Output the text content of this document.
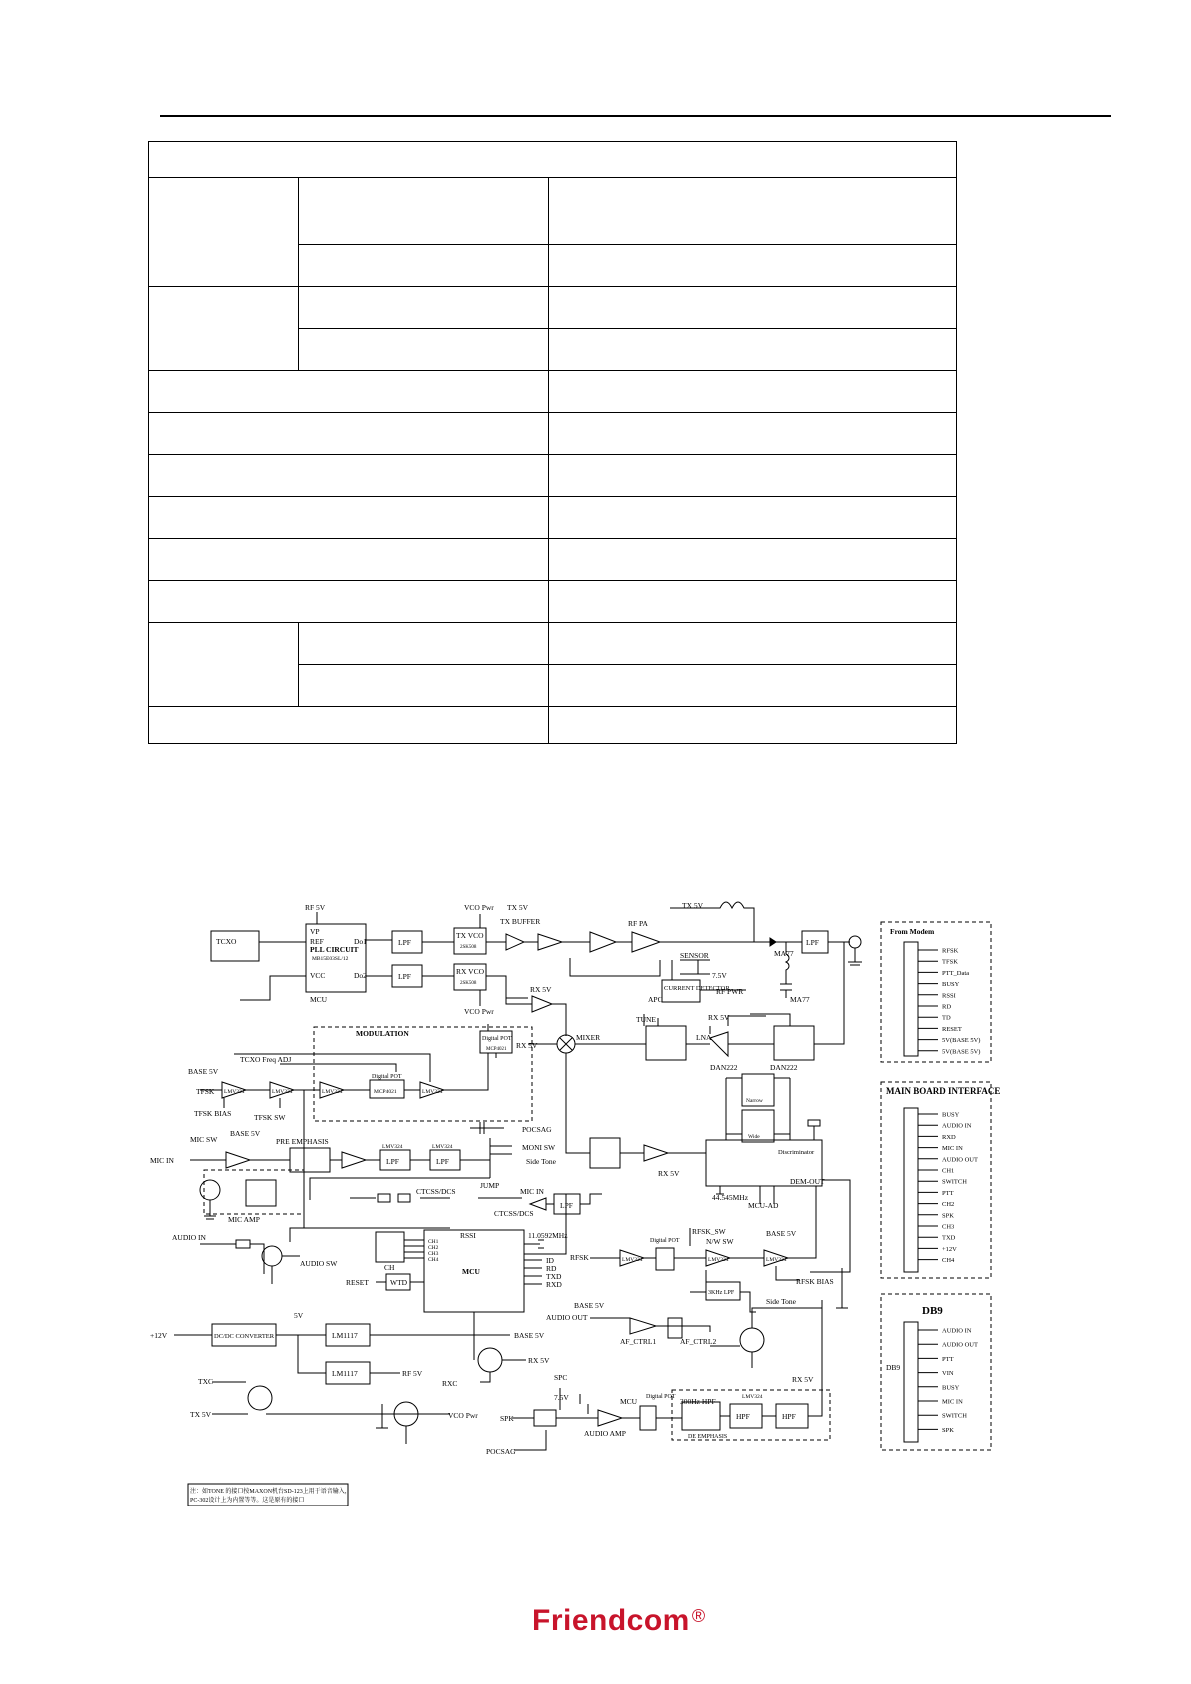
TCXO
PLL CIRCUIT
MB15E03SL/12
RF 5V
VP
REF
VCC
Do1
Do2
MCU
LPF
LPF
VCO Pwr
TX VCO
2SK508
RX VCO
2SK508
VCO Pwr
TX 5V
TX BUFFER	RF PA
TX 5V
MA77
MA77
LPF
SENSOR
CURRENT DETECTOR
APC
RF PWR
7.5V
RX 5V
MIXER
RX 5V
LNA
TUNE	RX 5V
MODULATION
Digital POT
MCP4021
TCXO Freq ADJ
BASE 5V
TFSK
TFSK BIAS	TFSK SW
LMV324	LMV324	LMV324
Digital POT
MCP4021	LMV324
DAN222	DAN222
Narrow
Wide
MIC SW
BASE 5V
MIC IN
PRE EMPHASIS
MIC AMP
LMV324	LMV324
LPF	LPF
POCSAG
MONI SW
Side Tone
Discriminator
DEM-OUT
MCU-AD
44.545MHz
RX 5V
CTCSS/DCS
JUMP
MIC IN
CTCSS/DCS
LPF
AUDIO IN
AUDIO SW	CH
CH1
CH2
CH3
CH4
RSSI
MCU
RESET	WTD
11.0592MHz
ID
RD
TXD
RXD
RFSK	LMV324
Digital POT
RFSK_SW
N/W SW
BASE 5V
LMV324	LMV324
RFSK BIAS
3KHz LPF
BASE 5V
AUDIO OUT
AF_CTRL1	AF_CTRL2
Side Tone
+12V	DC/DC CONVERTER	LM1117
LM1117
5V
BASE 5V
RF 5V
RX 5V
VCO Pwr
TXC	RXC
TX 5V
SPC
SPK
7.5V
AUDIO AMP
MCU Digital POT 300Hz HPF	LMV324
DE EMPHASIS
HPF	HPF
RX 5V
POCSAG
注：如TONE 的接口按MAXON机台SD-123上用于语音输入，
PC-302设计上为内置等等。这是原有的接口
From Modem
MAIN BOARD INTERFACE
DB9
DB9
RFSK
TFSK
PTT_Data
BUSY
RSSI
RD
TD
RESET
5V(BASE 5V)
5V(BASE 5V)
BUSY
AUDIO IN
RXD
MIC IN
AUDIO OUT
CH1
SWITCH
PTT
CH2
SPK
CH3
TXD
+12V
CH4
AUDIO IN
AUDIO OUT
PTT
VIN
BUSY
MIC IN
SWITCH
SPK
Friendcom ®
